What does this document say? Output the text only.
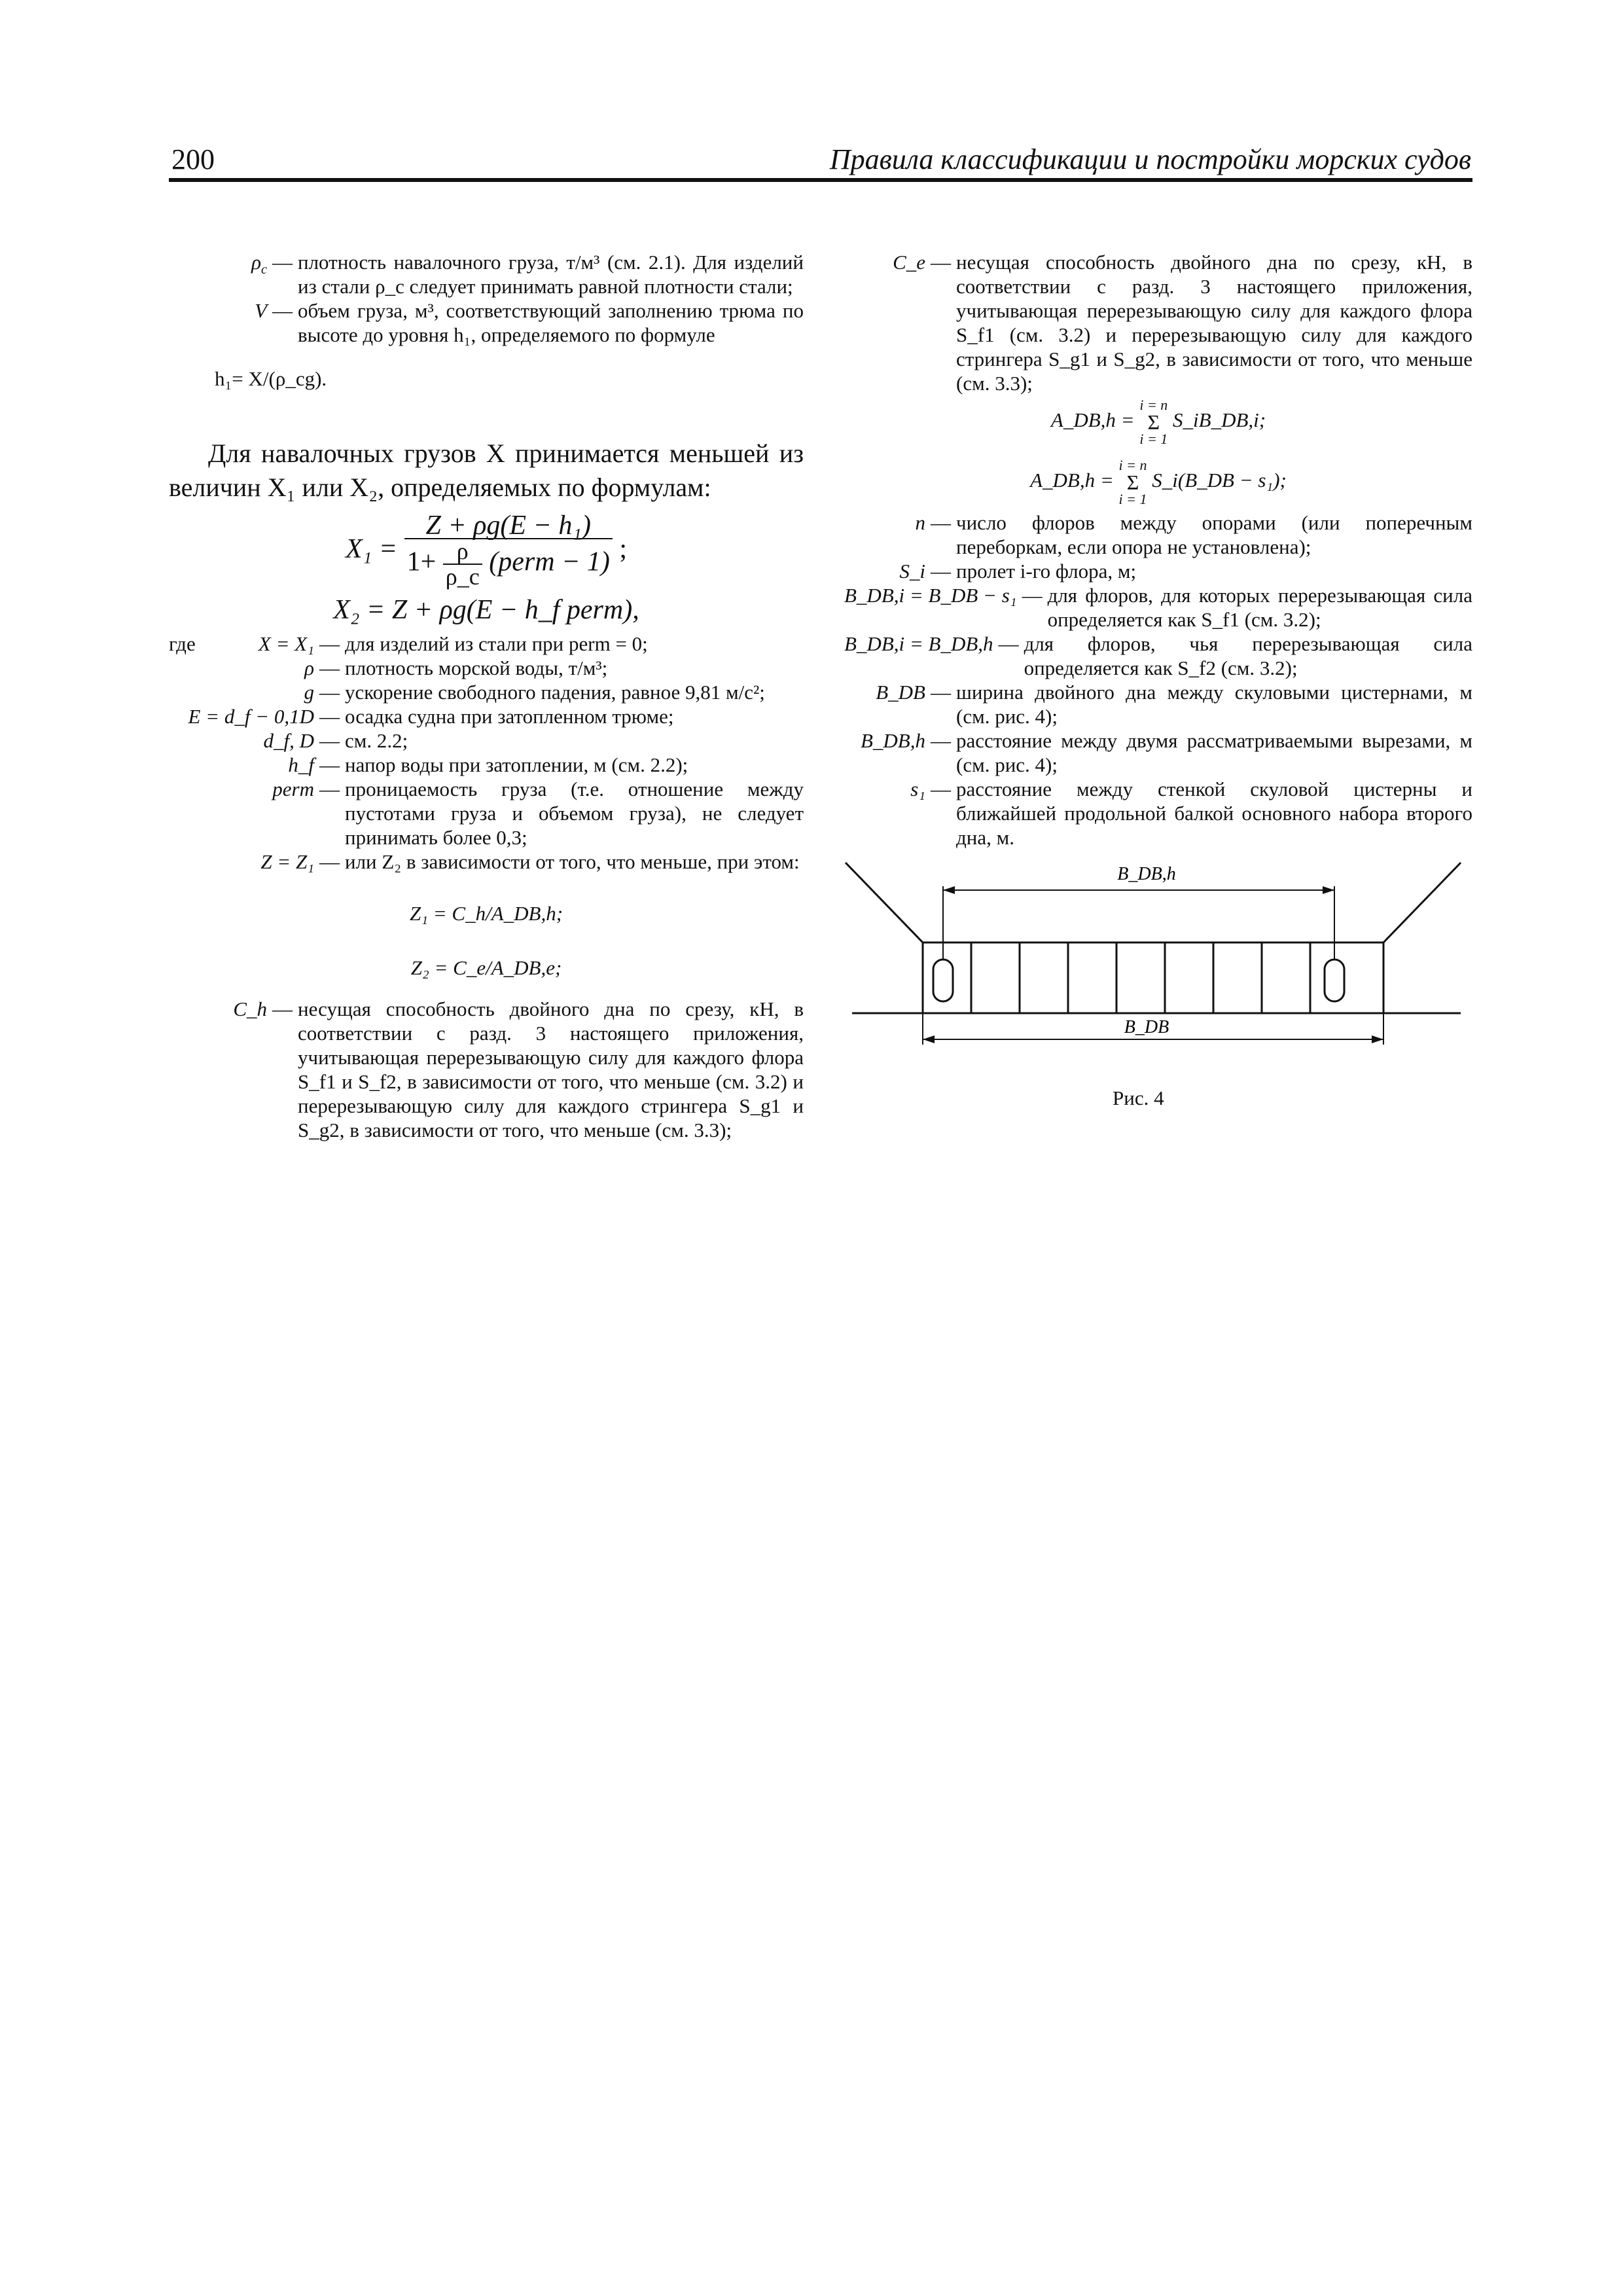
200	Правила классификации и постройки морских судов
$\rho_c$ — плотность навалочного груза, т/м³ (см. 2.1). Для изделий из стали ρ_c следует принимать равной плотности стали;
V — объем груза, м³, соответствующий заполнению трюма по высоте до уровня h₁, определяемого по формуле
h₁= X/(ρ_cg).
Для навалочных грузов X принимается меньшей из величин X₁ или X₂, определяемых по формулам:
X₁ =
Z + ρg(E − h₁)
$1+ \frac{\rho}{\rho\_c}$ (perm − 1) ;
X₂ = Z + ρg(E − h_f perm),
где	X = X₁ — для изделий из стали при perm = 0;
ρ — плотность морской воды, т/м³;
g — ускорение свободного падения, равное 9,81 м/с²;
E = d_f − 0,1D — осадка судна при затопленном трюме;
d_f, D — см. 2.2;
h_f — напор воды при затоплении, м (см. 2.2);
perm — проницаемость груза (т.е. отношение между пустотами груза и объемом груза), не следует принимать более 0,3;
Z = Z₁ — или Z₂ в зависимости от того, что меньше, при этом:
Z₁ = C_h/A_DB,h;
Z₂ = C_e/A_DB,e;
C_h — несущая способность двойного дна по срезу, кН, в соответствии с разд. 3 настоящего приложения, учитывающая перерезывающую силу для каждого флора S_f1 и S_f2, в зависимости от того, что меньше (см. 3.2) и перерезывающую силу для каждого стрингера S_g1 и S_g2, в зависимости от того, что меньше (см. 3.3);
C_e — несущая способность двойного дна по срезу, кН, в соответствии с разд. 3 настоящего приложения, учитывающая перерезывающую силу для каждого флора S_f1 (см. 3.2) и перерезывающую силу для каждого стрингера S_g1 и S_g2, в зависимости от того, что меньше (см. 3.3);
A_DB,h =
i = n
Σ
i = 1
S_iB_DB,i;
A_DB,h =
i = n
Σ
i = 1
S_i(B_DB − s₁);
n — число флоров между опорами (или поперечным переборкам, если опора не установлена);
S_i — пролет i-го флора, м;
B_DB,i = B_DB − s₁ — для флоров, для которых перерезывающая сила определяется как S_f1 (см. 3.2);
B_DB,i = B_DB,h — для флоров, чья перерезывающая сила определяется как S_f2 (см. 3.2);
B_DB — ширина двойного дна между скуловыми цистернами, м (см. рис. 4);
B_DB,h — расстояние между двумя рассматриваемыми вырезами, м (см. рис. 4);
s₁ — расстояние между стенкой скуловой цистерны и ближайшей продольной балкой основного набора второго дна, м.
B_DB,h
B_DB
Рис. 4
